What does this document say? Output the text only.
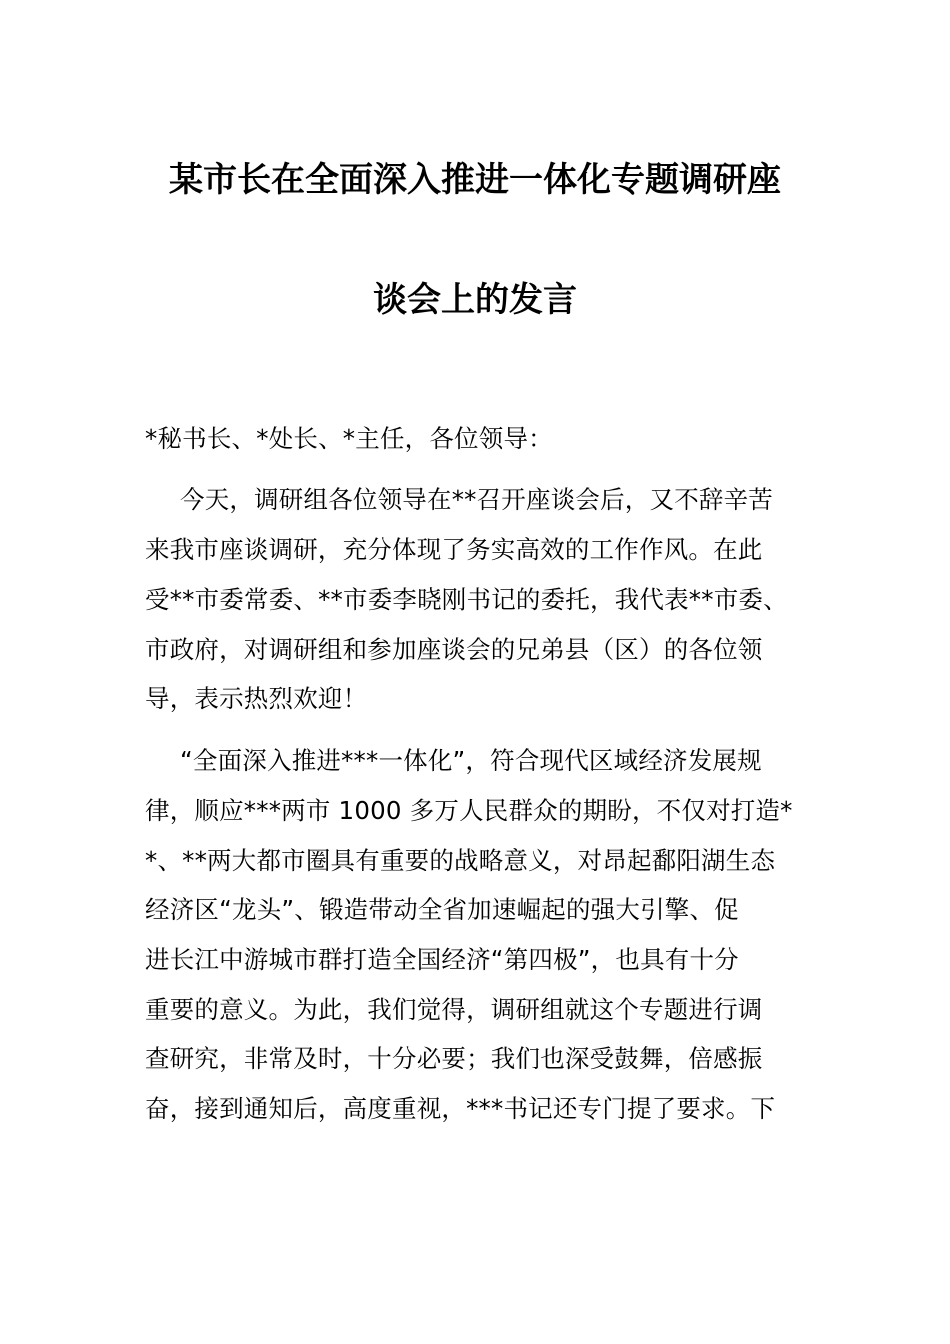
某市长在全面深入推进一体化专题调研座
谈会上的发言
*秘书长、*处长、*主任，各位领导：
今天，调研组各位领导在**召开座谈会后，又不辞辛苦
来我市座谈调研，充分体现了务实高效的工作作风。在此
受**市委常委、**市委李晓刚书记的委托，我代表**市委、
市政府，对调研组和参加座谈会的兄弟县（区）的各位领
导，表示热烈欢迎！
“全面深入推进***一体化”，符合现代区域经济发展规
律，顺应***两市 1000 多万人民群众的期盼，不仅对打造*
*、**两大都市圈具有重要的战略意义，对昂起鄱阳湖生态
经济区“龙头”、锻造带动全省加速崛起的强大引擎、促
进长江中游城市群打造全国经济“第四极”，也具有十分
重要的意义。为此，我们觉得，调研组就这个专题进行调
查研究，非常及时，十分必要；我们也深受鼓舞，倍感振
奋，接到通知后，高度重视，***书记还专门提了要求。下
